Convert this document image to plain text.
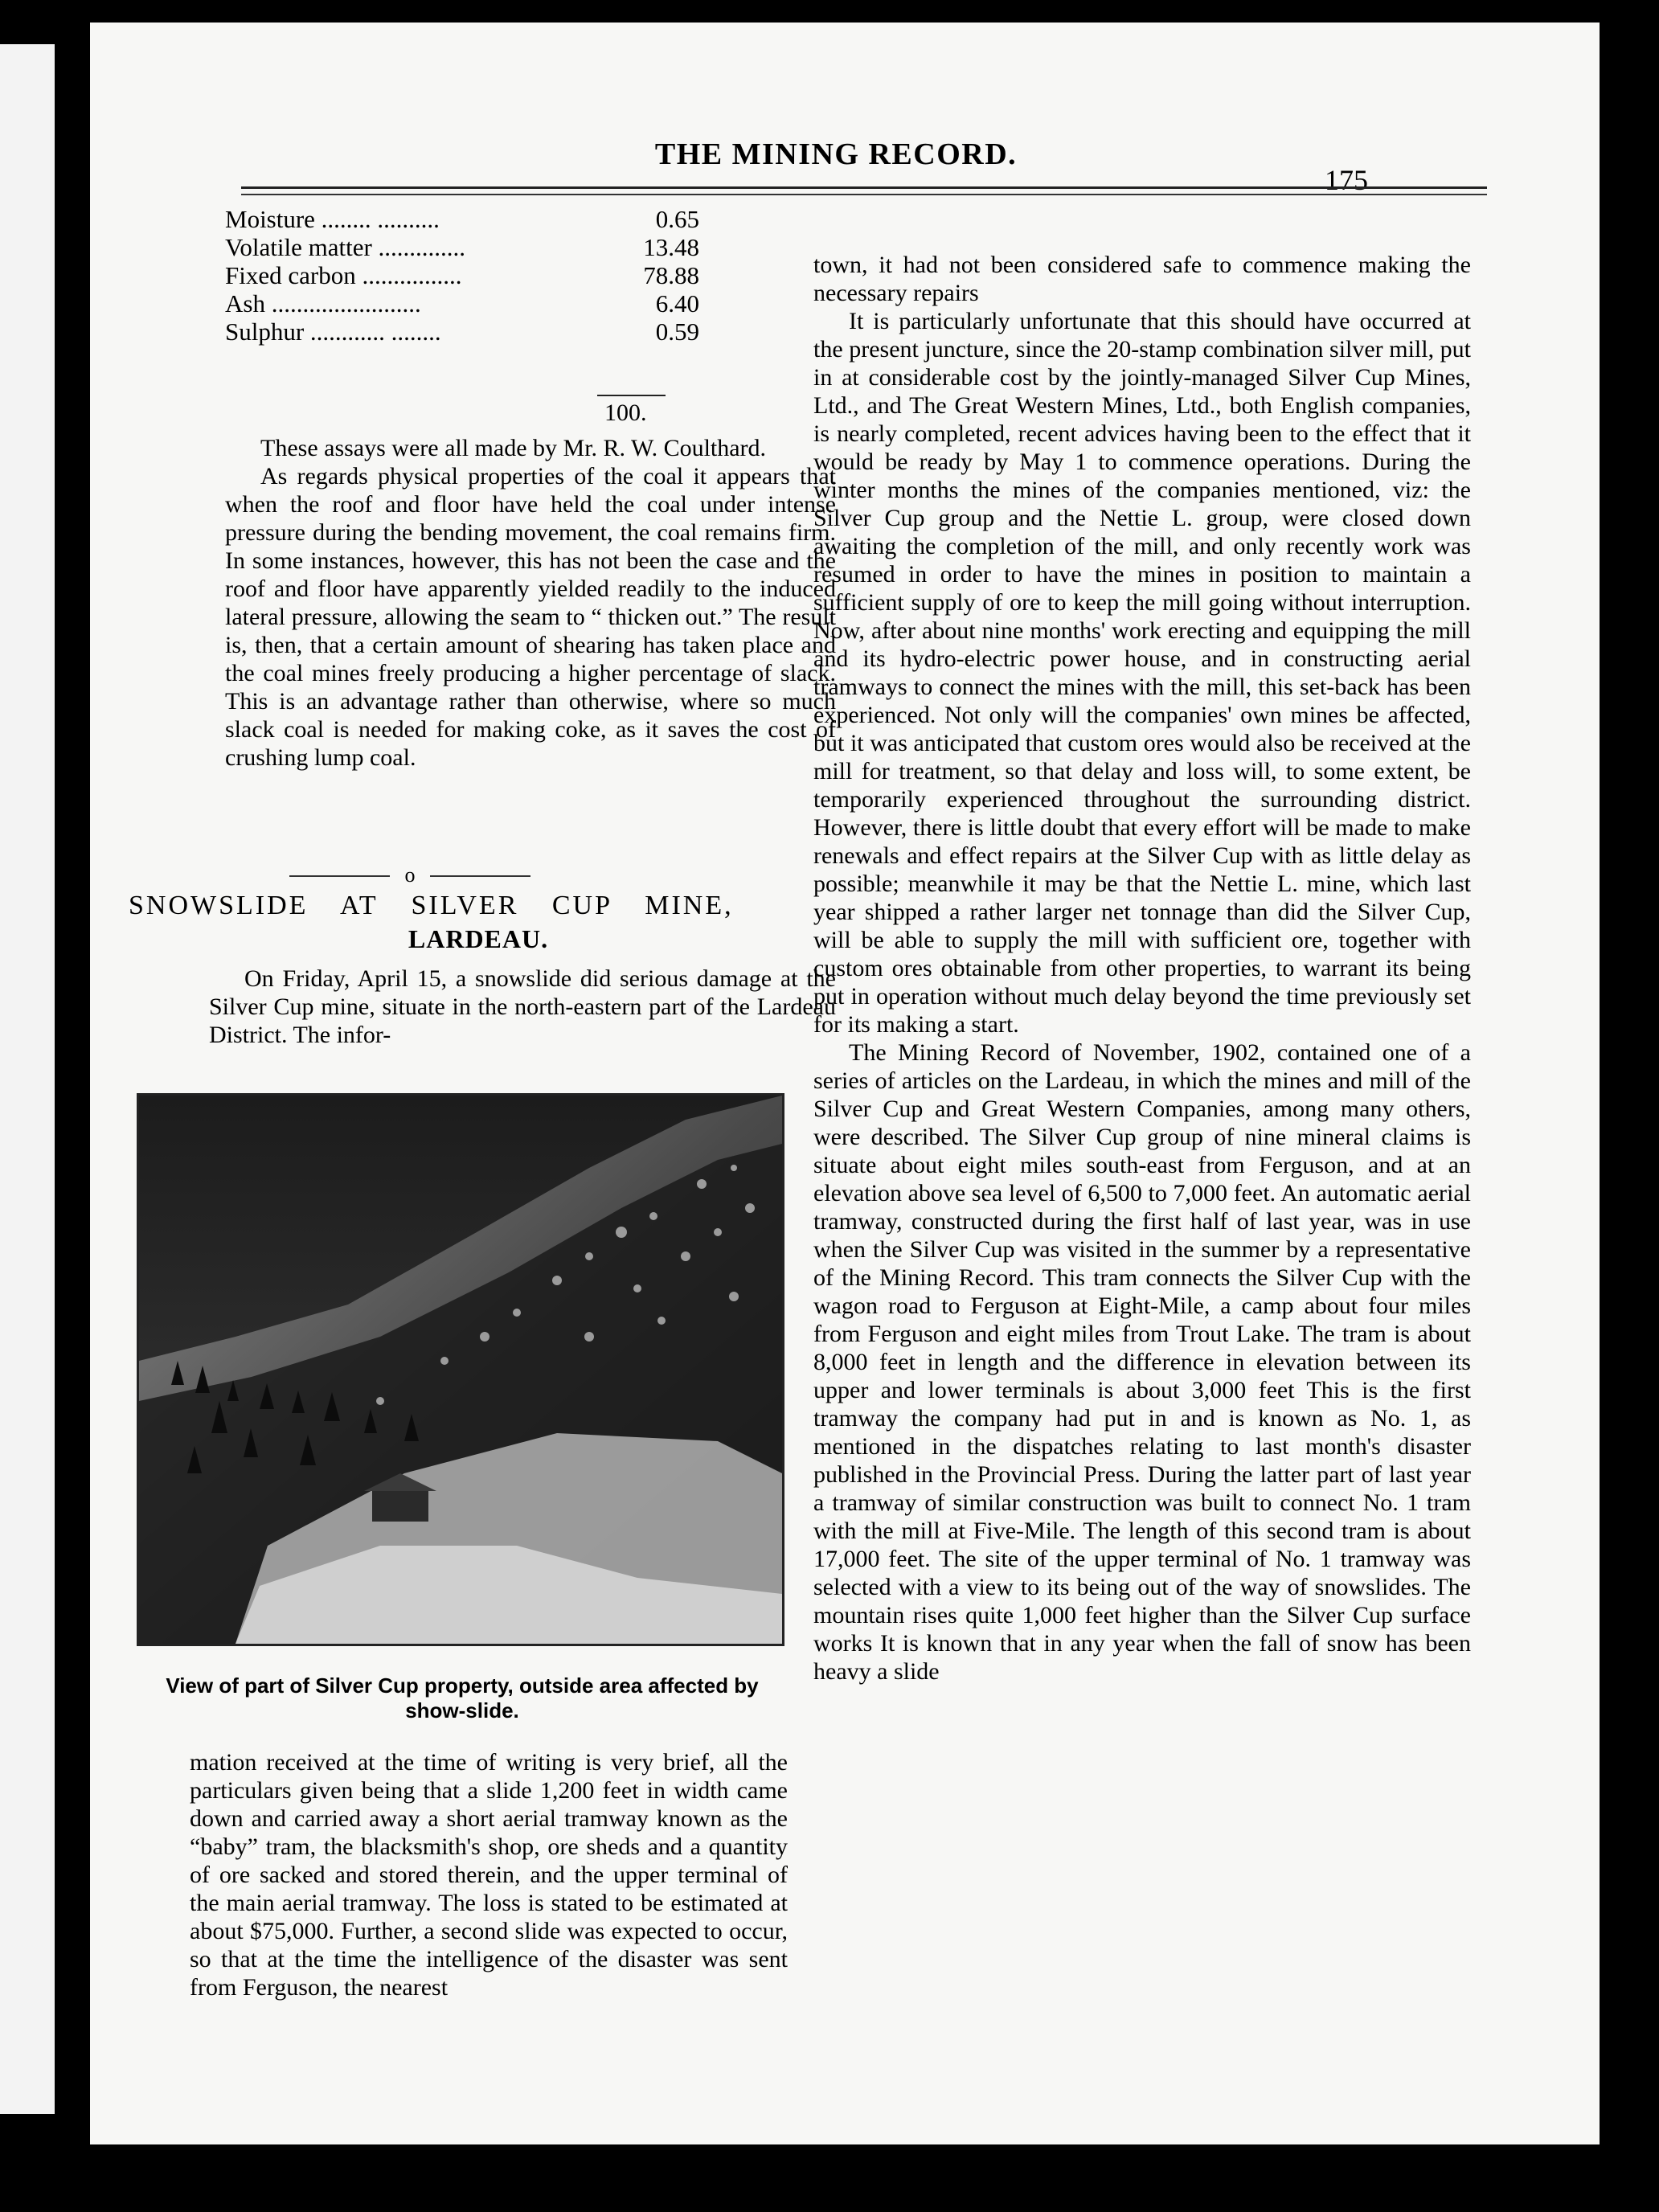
THE MINING RECORD.
175
Moisture ........ ..........	0.65
Volatile matter ..............	13.48
Fixed carbon ................	78.88
Ash ........................	6.40
Sulphur ............ ........	0.59
100.

These assays were all made by Mr. R. W. Coulthard.

As regards physical properties of the coal it appears that when the roof and floor have held the coal under intense pressure during the bending movement, the coal remains firm. In some instances, however, this has not been the case and the roof and floor have apparently yielded readily to the induced lateral pressure, allowing the seam to “ thicken out.” The result is, then, that a certain amount of shearing has taken place and the coal mines freely producing a higher percentage of slack. This is an advantage rather than otherwise, where so much slack coal is needed for making coke, as it saves the cost of crushing lump coal.

o
SNOWSLIDE AT SILVER CUP MINE,
LARDEAU.

On Friday, April 15, a snowslide did serious damage at the Silver Cup mine, situate in the north-eastern part of the Lardeau District. The infor-

View of part of Silver Cup property, outside area affected by show-slide.

mation received at the time of writing is very brief, all the particulars given being that a slide 1,200 feet in width came down and carried away a short aerial tramway known as the “baby” tram, the blacksmith's shop, ore sheds and a quantity of ore sacked and stored therein, and the upper terminal of the main aerial tramway. The loss is stated to be estimated at about $75,000. Further, a second slide was expected to occur, so that at the time the intelligence of the disaster was sent from Ferguson, the nearest

town, it had not been considered safe to commence making the necessary repairs

It is particularly unfortunate that this should have occurred at the present juncture, since the 20-stamp combination silver mill, put in at considerable cost by the jointly-managed Silver Cup Mines, Ltd., and The Great Western Mines, Ltd., both English companies, is nearly completed, recent advices having been to the effect that it would be ready by May 1 to commence operations. During the winter months the mines of the companies mentioned, viz: the Silver Cup group and the Nettie L. group, were closed down awaiting the completion of the mill, and only recently work was resumed in order to have the mines in position to maintain a sufficient supply of ore to keep the mill going without interruption. Now, after about nine months' work erecting and equipping the mill and its hydro-electric power house, and in constructing aerial tramways to connect the mines with the mill, this set-back has been experienced. Not only will the companies' own mines be affected, but it was anticipated that custom ores would also be received at the mill for treatment, so that delay and loss will, to some extent, be temporarily experienced throughout the surrounding district. However, there is little doubt that every effort will be made to make renewals and effect repairs at the Silver Cup with as little delay as possible; meanwhile it may be that the Nettie L. mine, which last year shipped a rather larger net tonnage than did the Silver Cup, will be able to supply the mill with sufficient ore, together with custom ores obtainable from other properties, to warrant its being put in operation without much delay beyond the time previously set for its making a start.

The Mining Record of November, 1902, contained one of a series of articles on the Lardeau, in which the mines and mill of the Silver Cup and Great Western Companies, among many others, were described. The Silver Cup group of nine mineral claims is situate about eight miles south-east from Ferguson, and at an elevation above sea level of 6,500 to 7,000 feet. An automatic aerial tramway, constructed during the first half of last year, was in use when the Silver Cup was visited in the summer by a representative of the Mining Record. This tram connects the Silver Cup with the wagon road to Ferguson at Eight-Mile, a camp about four miles from Ferguson and eight miles from Trout Lake. The tram is about 8,000 feet in length and the difference in elevation between its upper and lower terminals is about 3,000 feet This is the first tramway the company had put in and is known as No. 1, as mentioned in the dispatches relating to last month's disaster published in the Provincial Press. During the latter part of last year a tramway of similar construction was built to connect No. 1 tram with the mill at Five-Mile. The length of this second tram is about 17,000 feet. The site of the upper terminal of No. 1 tramway was selected with a view to its being out of the way of snowslides. The mountain rises quite 1,000 feet higher than the Silver Cup surface works It is known that in any year when the fall of snow has been heavy a slide
